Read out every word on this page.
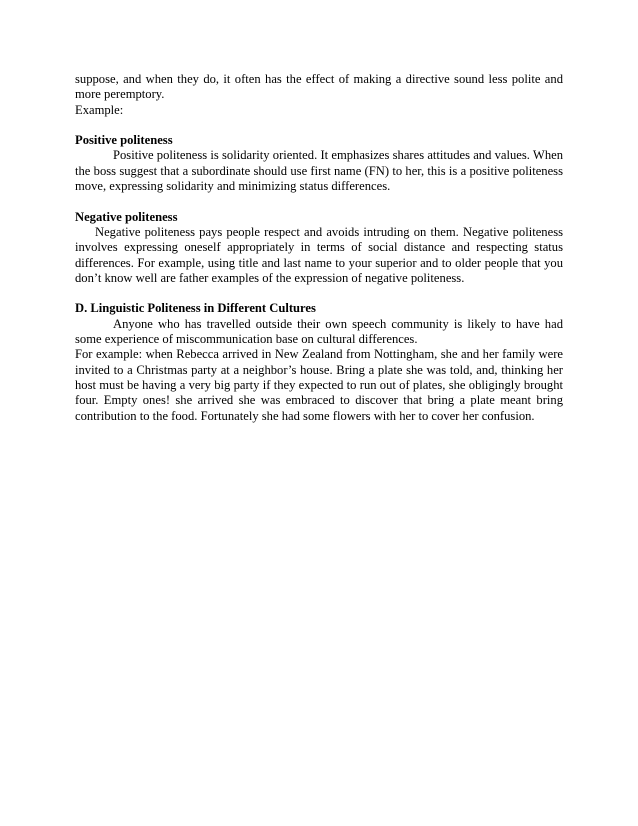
suppose, and when they do, it often has the effect of making a directive sound less polite and more peremptory.

Example:

Positive politeness

Positive politeness is solidarity oriented. It emphasizes shares attitudes and values. When the boss suggest that a subordinate should use first name (FN) to her, this is a positive politeness move, expressing solidarity and minimizing status differences.

Negative politeness

Negative politeness pays people respect and avoids intruding on them. Negative politeness involves expressing oneself appropriately in terms of social distance and respecting status differences. For example, using title and last name to your superior and to older people that you don’t know well are father examples of the expression of negative politeness.

D. Linguistic Politeness in Different Cultures

Anyone who has travelled outside their own speech community is likely to have had some experience of miscommunication base on cultural differences.

For example: when Rebecca arrived in New Zealand from Nottingham, she and her family were invited to a Christmas party at a neighbor’s house. Bring a plate she was told, and, thinking her host must be having a very big party if they expected to run out of plates, she obligingly brought four. Empty ones! she arrived she was embraced to discover that bring a plate meant bring contribution to the food. Fortunately she had some flowers with her to cover her confusion.
